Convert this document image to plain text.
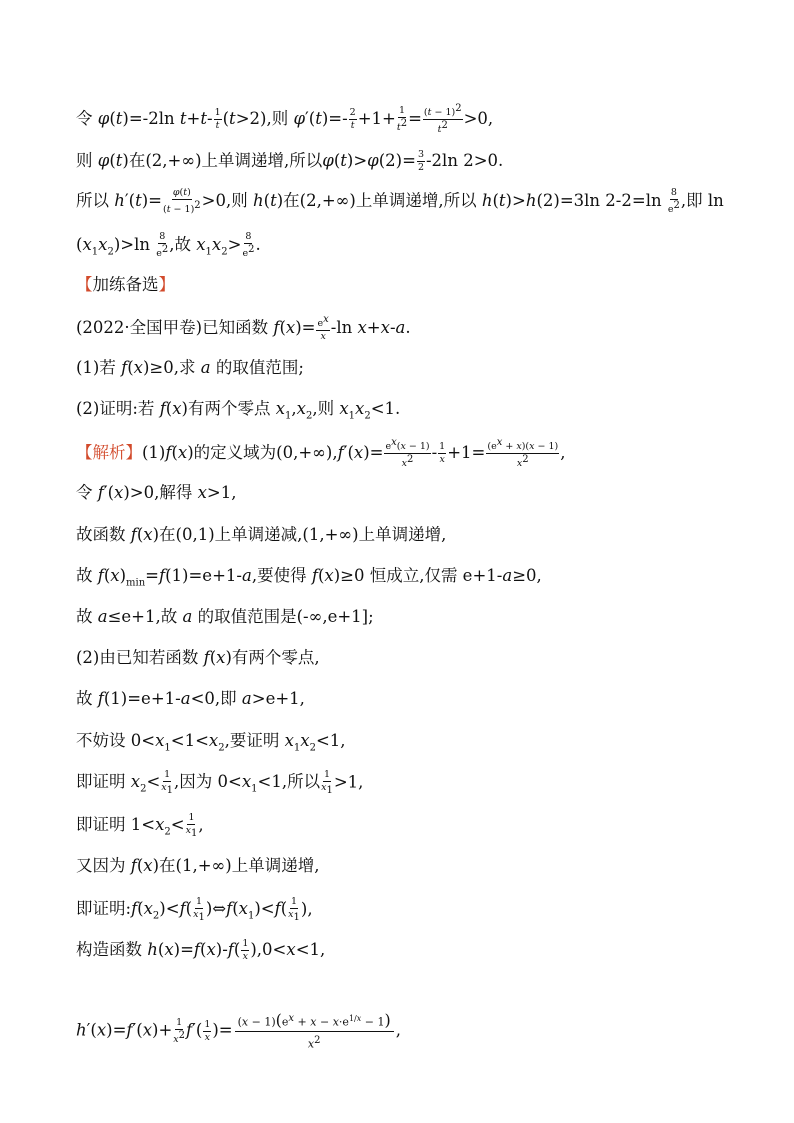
令 φ(t)=-2ln $t+t- \frac{1}{t} (t>2)$,则 $\varphi'(t)=- \frac{2}{t} +1+ \frac{1}{t^2} = \frac{(t - 1)^2}{t^2} >0$,
则 φ(t)在(2,+∞)上单调递增,所以$\varphi(t)>\varphi(2)= \frac{3}{2} -2\ln$ 2>0.
所以 $h'(t)= \frac{\varphi(t)}{(t - 1)^2} >0$,则 h(t)在(2,+∞)上单调递增,所以 h(t)>h(2)=3ln $2-2=\ln \frac{8}{e^2}$ ,即 ln
$(x_1x_2)>\ln \frac{8}{e^2}$ ,故 $x_1x_2> \frac{8}{e^2}$ .
【加练备选】
(2022·全国甲卷)已知函数 $f(x)= \frac{e^x}{x} -\ln$ x+x-a.
(1)若 f(x)≥0,求 a 的取值范围;
(2)证明:若 f(x)有两个零点 $x_1,x_2$,则 $x_1x_2<1$.
【解析】(1)f(x)的定义域为$(0,+\infty),f'(x)= \frac{e^x(x - 1)}{x^2} - \frac{1}{x} +1= \frac{(e^x + x)(x - 1)}{x^2}$ ,
令 f′(x)>0,解得 x>1,
故函数 f(x)在(0,1)上单调递减,(1,+∞)上单调递增,
故 $f(x)_{min}=f(1)=e+1-a$,要使得 f(x)≥0 恒成立,仅需 e+1-a≥0,
故 a≤e+1,故 a 的取值范围是(-∞,e+1];
(2)由已知若函数 f(x)有两个零点,
故 f(1)=e+1-a<0,即 a>e+1,
不妨设 $0<x_1<1<x_2$,要证明 $x_1x_2<1$,
即证明 $x_2< \frac{1}{x_1}$ ,因为 $0<x_1<1$,所以 $\frac{1}{x_1} >1$,
即证明 $1<x_2< \frac{1}{x_1}$ ,
又因为 f(x)在(1,+∞)上单调递增,
即证明$:f(x_2)<f( \frac{1}{x_1}$ )$\Leftrightarrow f(x_1)<f( \frac{1}{x_1}$ ),
构造函数 $h(x)=f(x)-f( \frac{1}{x} ),0<x<1$,
$h'(x)=f'(x)+ \frac{1}{x^2} f'( \frac{1}{x}$ )= $\frac{(x - 1)(e^x + x - x\cdot e^{1/x} - 1)}{x^2}$ ,
